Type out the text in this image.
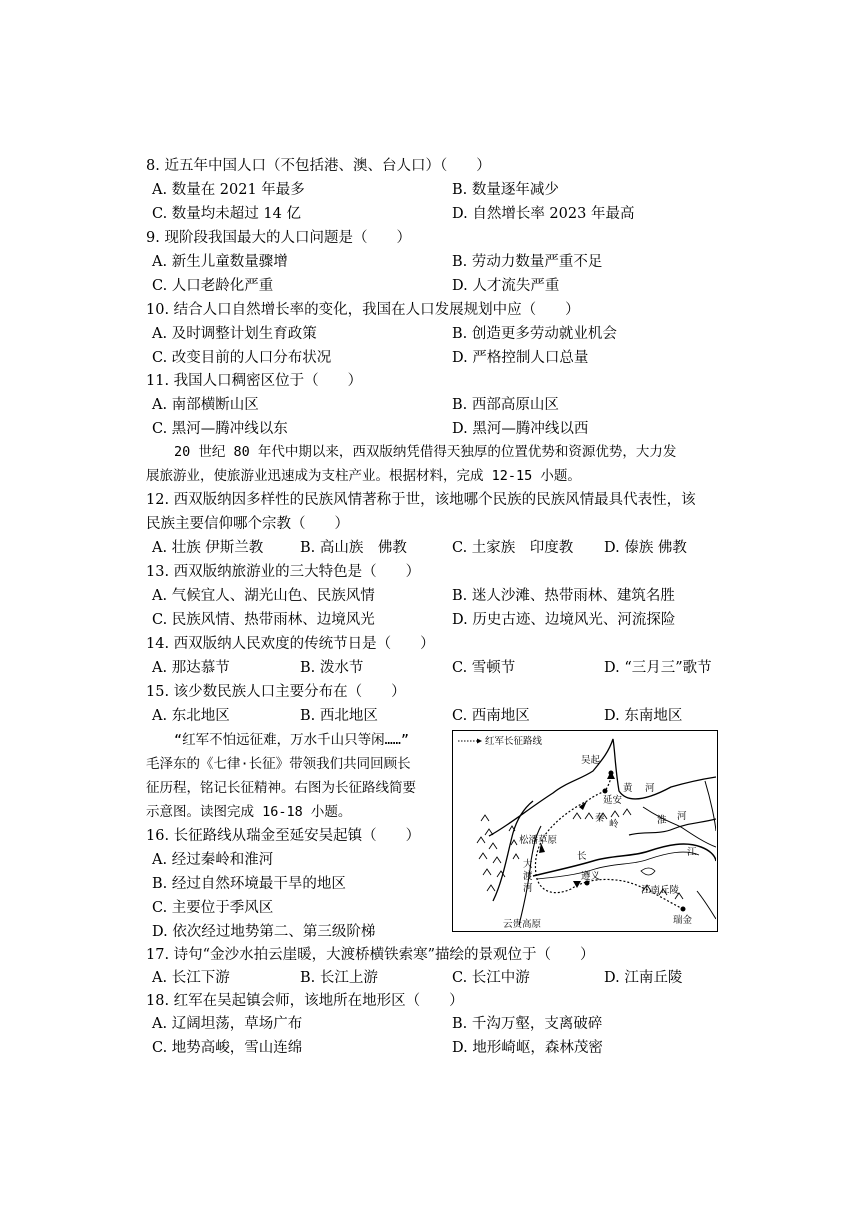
8. 近五年中国人口（不包括港、澳、台人口）（　　）
A. 数量在 2021 年最多	B. 数量逐年减少
C. 数量均未超过 14 亿	D. 自然增长率 2023 年最高
9. 现阶段我国最大的人口问题是（　　）
A. 新生儿童数量骤增	B. 劳动力数量严重不足
C. 人口老龄化严重	D. 人才流失严重
10. 结合人口自然增长率的变化，我国在人口发展规划中应（　　）
A. 及时调整计划生育政策	B. 创造更多劳动就业机会
C. 改变目前的人口分布状况	D. 严格控制人口总量
11. 我国人口稠密区位于（　　）
A. 南部横断山区	B. 西部高原山区
C. 黑河—腾冲线以东	D. 黑河—腾冲线以西
20 世纪 80 年代中期以来，西双版纳凭借得天独厚的位置优势和资源优势，大力发
展旅游业，使旅游业迅速成为支柱产业。根据材料，完成 12-15 小题。
12. 西双版纳因多样性的民族风情著称于世，该地哪个民族的民族风情最具代表性，该
民族主要信仰哪个宗教（　　）
A. 壮族 伊斯兰教	B. 高山族　佛教	C. 土家族　印度教 D. 傣族 佛教
13. 西双版纳旅游业的三大特色是（　　）
A. 气候宜人、湖光山色、民族风情	B. 迷人沙滩、热带雨林、建筑名胜
C. 民族风情、热带雨林、边境风光	D. 历史古迹、边境风光、河流探险
14. 西双版纳人民欢度的传统节日是（　　）
A. 那达慕节	B. 泼水节	C. 雪顿节	D. “三月三”歌节
15. 该少数民族人口主要分布在（　　）
A. 东北地区	B. 西北地区	C. 西南地区	D. 东南地区
“红军不怕远征难，万水千山只等闲……”
毛泽东的《七律·长征》带领我们共同回顾长
征历程，铭记长征精神。右图为长征路线简要
示意图。读图完成 16-18 小题。
16. 长征路线从瑞金至延安吴起镇（　　）
A. 经过秦岭和淮河
B. 经过自然环境最干旱的地区
C. 主要位于季风区
D. 依次经过地势第二、第三级阶梯
红军长征路线
吴起
延安
黄 河
秦
岭	淮 河
松潘草原
大
渡
河
长	江
遵义
江南丘陵
瑞金
云贵高原
17. 诗句“金沙水拍云崖暖，大渡桥横铁索寒”描绘的景观位于（　　）
A. 长江下游	B. 长江上游	C. 长江中游	D. 江南丘陵
18. 红军在吴起镇会师，该地所在地形区（　　）
A. 辽阔坦荡，草场广布	B. 千沟万壑，支离破碎
C. 地势高峻，雪山连绵	D. 地形崎岖，森林茂密
